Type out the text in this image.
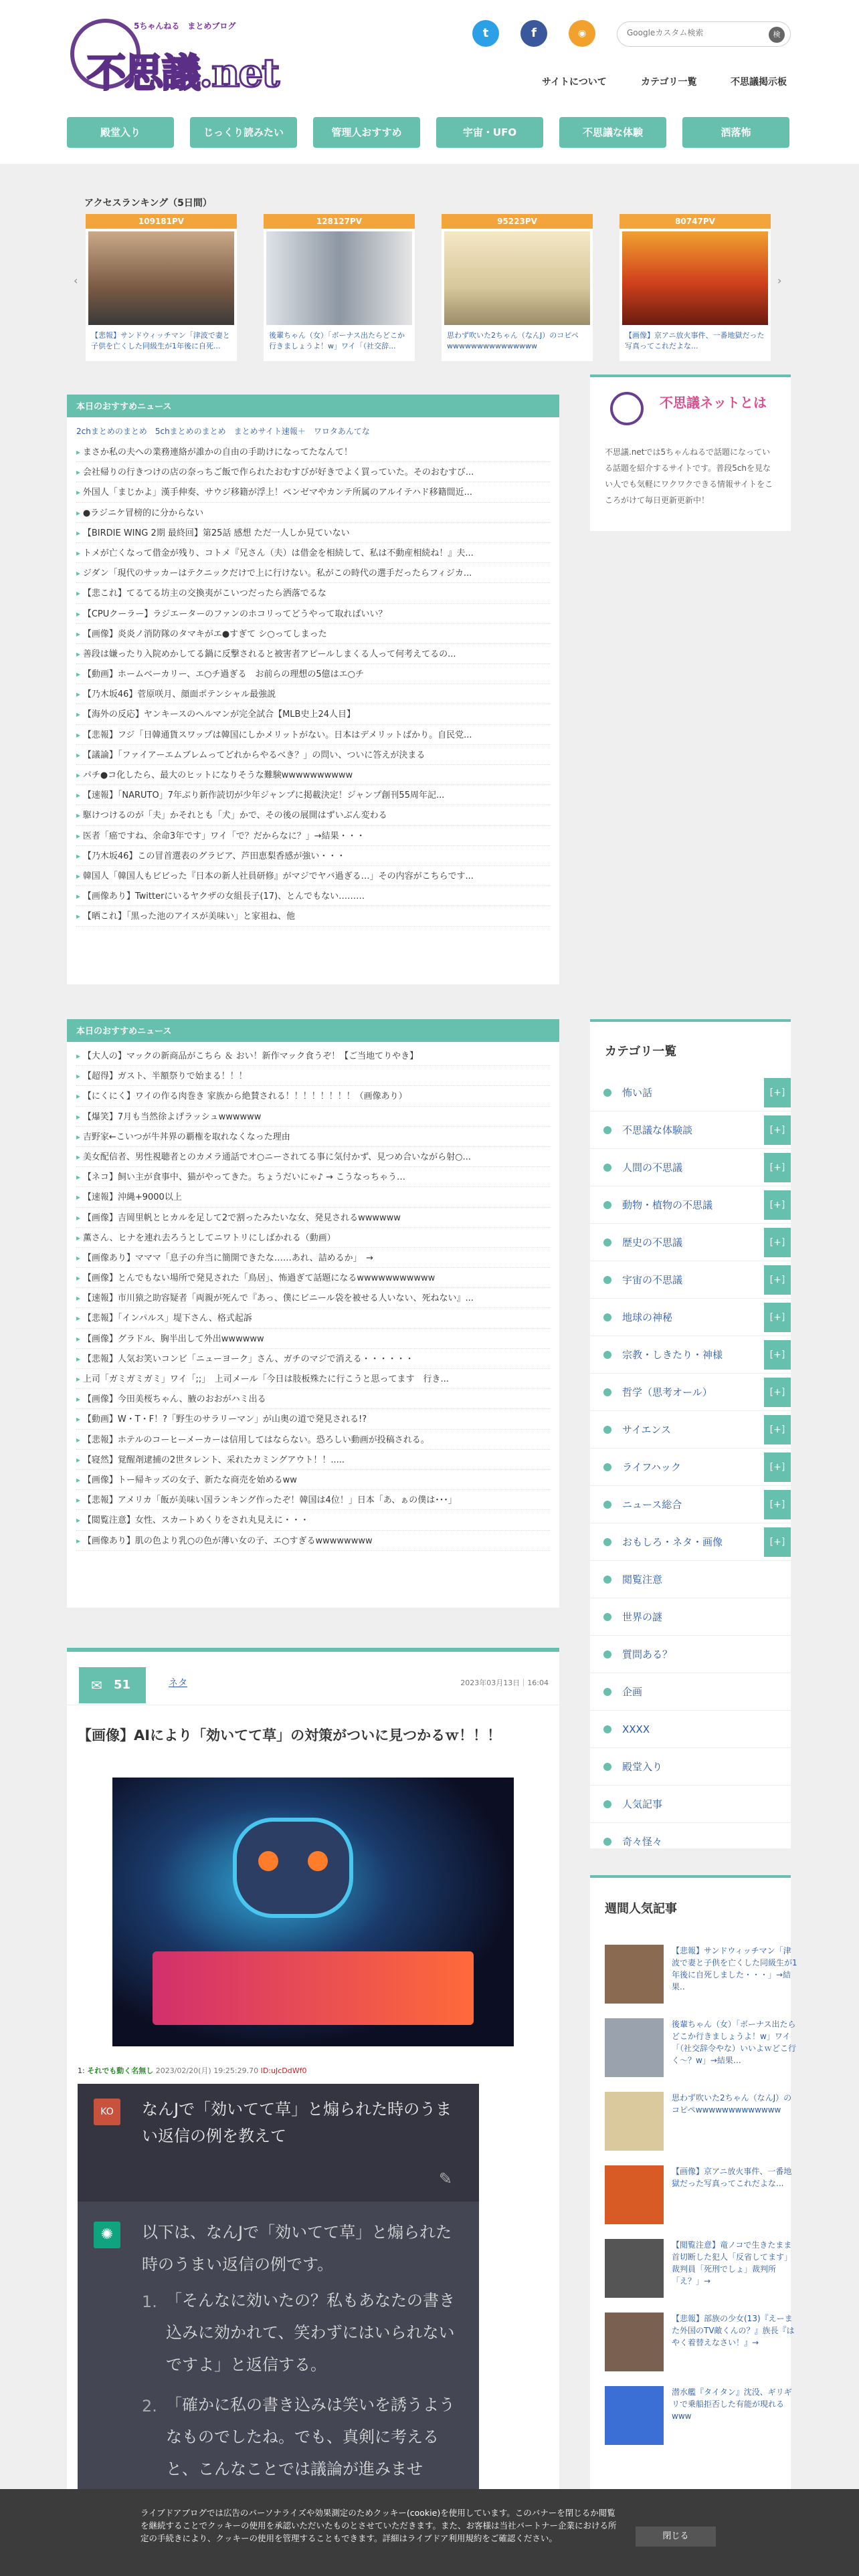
5ちゃんねる　まとめブログ
不思議.net
t	f	◉
Googleカスタム検索	検
サイトについて	カテゴリ一覧	不思議掲示板
殿堂入り	じっくり読みたい	管理人おすすめ	宇宙・UFO	不思議な体験	洒落怖
アクセスランキング（5日間）
‹	›
109181PV
【悲報】サンドウィッチマン「津波で妻と子供を亡くした同級生が1年後に自死...
128127PV
後輩ちゃん（女）「ボーナス出たらどこか行きましょうよ！w」ワイ「（社交辞...
95223PV
思わず吹いた2ちゃん（なんJ）のコピペwwwwwwwwwwwwwww
80747PV
【画像】京アニ放火事件、一番地獄だった写真ってこれだよな...
本日のおすすめニュース
2chまとめのまとめ　5chまとめのまとめ　まとめサイト速報＋　ワロタあんてな
▸ まさか私の夫への業務連絡が誰かの自由の手助けになってたなんて！
▸ 会社帰りの行きつけの店の奈っちご飯で作られたおむすびが好きでよく買っていた。そのおむすび...
▸ 外国人「まじかよ」漢手伸奏、サウジ移籍が浮上！ペンゼマやカンテ所属のアルイテハド移籍間近...
▸ ●ラジニケ冒榜的に分からない
▸ 【BIRDIE WING 2期 最終回】第25話 感想 ただ一人しか見ていない
▸ トメが亡くなって借金が残り、コトメ『兄さん（夫）は借金を相続して、私は不動産相続ね！』夫...
▸ ジダン「現代のサッカーはテクニックだけで上に行けない。私がこの時代の選手だったらフィジカ...
▸ 【悲これ】てるてる坊主の交換夷がこいつだったら洒落でるな
▸ 【CPUクーラー】ラジエーターのファンのホコリってどうやって取ればいい？
▸ 【画像】炎炎ノ消防隊のタマキがエ●すぎて シ○ってしまった
▸ 善段は嫌ったり入院めかしてる鍋に反撃されると被害者アピールしまくる人って何考えてるの...
▸ 【動画】ホームベーカリー、エ○チ過ぎる　お前らの理想の5億はエ○チ
▸ 【乃木坂46】菅原咲月、顔面ポテンシャル最強説
▸ 【海外の反応】ヤンキースのヘルマンが完全試合【MLB史上24人目】
▸ 【悲報】フジ「日韓通貨スワップは韓国にしかメリットがない。日本はデメリットばかり。自民党...
▸ 【議論】「ファイアーエムブレムってどれからやるべき？」の問い、ついに答えが決まる
▸ パチ●コ化したら、最大のヒットになりそうな難験wwwwwwwwww
▸ 【速報】「NARUTO」7年ぶり新作読切が少年ジャンプに掲載決定！ジャンプ創刊55周年記...
▸ 駆けつけるのが「夫」かそれとも「犬」かで、その後の展開はずいぶん変わる
▸ 医者「癌ですね、余命3年です」ワイ「で？だからなに？」→結果・・・
▸ 【乃木坂46】この冒首選表のグラビア、芦田恵梨香感が強い・・・
▸ 韓国人「韓国人もビビった『日本の新人社員研修』がマジでヤバ過ぎる…」その内容がこちらです...
▸ 【画像あり】Twitterにいるヤクザの女組長子(17)、とんでもない………
▸ 【晒これ】「黒った池のアイスが美味い」と家祖ね、他
本日のおすすめニュース
▸ 【大人の】マックの新商品がこちら ＆ おい！新作マック食うぞ！【ご当地てりやき】
▸ 【超得】ガスト、半額祭りで始まる！！！
▸ 【にくにく】ワイの作る肉巻き 家族から絶賛される！！！！！！！！（画像あり）
▸ 【爆笑】7月も当然徐よげラッシュwwwwww
▸ 吉野家←こいつが牛丼界の覇権を取れなくなった理由
▸ 美女配信者、男性視聴者とのカメラ通話でオ○ニーされてる事に気付かず、見つめ合いながら射○...
▸ 【ネコ】飼い主が食事中、猫がやってきた。ちょうだいにゃ♪ → こうなっちゃう…
▸ 【速報】沖縄+9000以上
▸ 【画像】吉岡里帆とヒカルを足して2で割ったみたいな女、発見されるwwwwww
▸ 薫さん、ヒナを連れ去ろうとしてニワトリにしばかれる（動画）
▸ 【画像あり】マママ「息子の弁当に簡開できたな……あれ、詰めるか」　→
▸ 【画像】とんでもない場所で発見された「鳥居」、怖過ぎて話題になるwwwwwwwwwww
▸ 【速報】市川猿之助容疑者「両親が死んで『あっ、僕にビニール袋を被せる人いない、死ねない』...
▸ 【悲報】「インパルス」堤下さん、格式起訴
▸ 【画像】グラドル、胸半出して外出wwwwww
▸ 【悲報】人気お笑いコンビ「ニューヨーク」さん、ガチのマジで消える・・・・・・
▸ 上司「ガミガミガミ」ワイ「;;」　上司メール「今日は肢板殊たに行こうと思ってます　行き...
▸ 【画像】今田美桜ちゃん、腋のおおがハミ出る
▸ 【動画】W・T・F！?「野生のサラリーマン」が山奥の道で発見される!?
▸ 【悲報】ホテルのコーヒーメーカーは信用してはならない。恐ろしい動画が投稿される。
▸ 【寝然】覚醒剤逮捕の2世タレント、采れたカミングアウト！！.....
▸ 【画像】トー帰キッズの女子、新たな商売を始めるww
▸ 【悲報】アメリカ「飯が美味い国ランキング作ったぞ！韓国は4位！」日本「あ、ぁの僕は･･･」
▸ 【閲覧注意】女性、スカートめくりをされ丸見えに・・・
▸ 【画像あり】肌の色より乳○の色が薄い女の子、エ○すぎるwwwwwwww
不思議ネットとは
不思議.netでは5ちゃんねるで話題になっている話題を紹介するサイトです。普段5chを見ない人でも気軽にワクワクできる情報サイトをこころがけて毎日更新更新中！
カテゴリ一覧
怖い話	[+]
不思議な体験談	[+]
人間の不思議	[+]
動物・植物の不思議	[+]
歴史の不思議	[+]
宇宙の不思議	[+]
地球の神秘	[+]
宗教・しきたり・神様	[+]
哲学（思考オール）	[+]
サイエンス	[+]
ライフハック	[+]
ニュース総合	[+]
おもしろ・ネタ・画像	[+]
閲覧注意
世界の謎
質問ある？
企画
XXXX
殿堂入り
人気記事
奇々怪々
週間人気記事
【悲報】サンドウィッチマン「津波で妻と子供を亡くした同級生が1年後に自死しました・・・」→結果..
後輩ちゃん（女）「ボーナス出たらどこか行きましょうよ！w」ワイ「（社交辞令やな）いいよｗどこ行く〜？w」→結果…
思わず吹いた2ちゃん（なんJ）のコピペwwwwwwwwwwwww
【画像】京アニ放火事件、一番地獄だった写真ってこれだよな...
【閲覧注意】竜ノコで生きたまま首切断した犯人「反省してます」裁判員「死刑でしょ」裁判所「え？」→
【悲報】部族の少女(13)『えーまた外国のTV敵くんの？』族長『はやく着替えなさい！』→
潜水艦『タイタン』沈没、ギリギリで乗船拒否した有能が現れるwww
ネタ	2023年03月13日｜16:04
【画像】AIにより「効いてて草」の対策がついに見つかるｗ！！！
1: それでも動く名無し 2023/02/20(月) 19:25:29.70 ID:uJcDdWf0
KO	なんJで「効いてて草」と煽られた時のうまい返信の例を教えて
✎
✺	以下は、なんJで「効いてて草」と煽られた時のうまい返信の例です。
1. 「そんなに効いたの？私もあなたの書き込みに効かれて、笑わずにはいられないですよ」と返信する。
2. 「確かに私の書き込みは笑いを誘うようなものでしたね。でも、真剣に考えると、こんなことでは議論が進みませ
✉ 51

ライブドアブログでは広告のパーソナライズや効果測定のためクッキー(cookie)を使用しています。このバナーを閉じるか閲覧を継続することでクッキーの使用を承認いただいたものとさせていただきます。また、お客様は当社パートナー企業における所定の手続きにより、クッキーの使用を管理することもできます。詳細はライブドア利用規約をご確認ください。	閉じる
